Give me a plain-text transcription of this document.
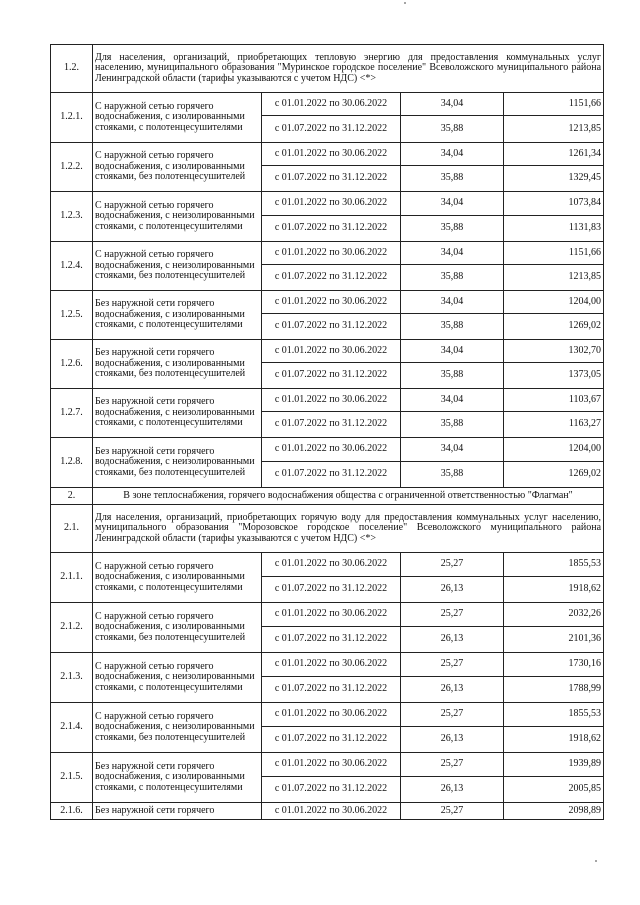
1.2.	Для населения, организаций, приобретающих тепловую энергию для предоставления коммунальных услуг населению, муниципального образования "Муринское городское поселение" Всеволожского муниципального района Ленинградской области (тарифы указываются с учетом НДС) <*>			
1.2.1.	С наружной сетью горячего водоснабжения, с изолированными стояками, с полотенцесушителями	с 01.01.2022 по 30.06.2022	34,04	1151,66
		с 01.07.2022 по 31.12.2022	35,88	1213,85
1.2.2.	С наружной сетью горячего водоснабжения, с изолированными стояками, без полотенцесушителей	с 01.01.2022 по 30.06.2022	34,04	1261,34
		с 01.07.2022 по 31.12.2022	35,88	1329,45
1.2.3.	С наружной сетью горячего водоснабжения, с неизолированными стояками, с полотенцесушителями	с 01.01.2022 по 30.06.2022	34,04	1073,84
		с 01.07.2022 по 31.12.2022	35,88	1131,83
1.2.4.	С наружной сетью горячего водоснабжения, с неизолированными стояками, без полотенцесушителей	с 01.01.2022 по 30.06.2022	34,04	1151,66
		с 01.07.2022 по 31.12.2022	35,88	1213,85
1.2.5.	Без наружной сети горячего водоснабжения, с изолированными стояками, с полотенцесушителями	с 01.01.2022 по 30.06.2022	34,04	1204,00
		с 01.07.2022 по 31.12.2022	35,88	1269,02
1.2.6.	Без наружной сети горячего водоснабжения, с изолированными стояками, без полотенцесушителей	с 01.01.2022 по 30.06.2022	34,04	1302,70
		с 01.07.2022 по 31.12.2022	35,88	1373,05
1.2.7.	Без наружной сети горячего водоснабжения, с неизолированными стояками, с полотенцесушителями	с 01.01.2022 по 30.06.2022	34,04	1103,67
		с 01.07.2022 по 31.12.2022	35,88	1163,27
1.2.8.	Без наружной сети горячего водоснабжения, с неизолированными стояками, без полотенцесушителей	с 01.01.2022 по 30.06.2022	34,04	1204,00
		с 01.07.2022 по 31.12.2022	35,88	1269,02
2.	В зоне теплоснабжения, горячего водоснабжения общества с ограниченной ответственностью "Флагман"			
2.1.	Для населения, организаций, приобретающих горячую воду для предоставления коммунальных услуг населению, муниципального образования "Морозовское городское поселение" Всеволожского муниципального района Ленинградской области (тарифы указываются с учетом НДС) <*>			
2.1.1.	С наружной сетью горячего водоснабжения, с изолированными стояками, с полотенцесушителями	с 01.01.2022 по 30.06.2022	25,27	1855,53
		с 01.07.2022 по 31.12.2022	26,13	1918,62
2.1.2.	С наружной сетью горячего водоснабжения, с изолированными стояками, без полотенцесушителей	с 01.01.2022 по 30.06.2022	25,27	2032,26
		с 01.07.2022 по 31.12.2022	26,13	2101,36
2.1.3.	С наружной сетью горячего водоснабжения, с неизолированными стояками, с полотенцесушителями	с 01.01.2022 по 30.06.2022	25,27	1730,16
		с 01.07.2022 по 31.12.2022	26,13	1788,99
2.1.4.	С наружной сетью горячего водоснабжения, с неизолированными стояками, без полотенцесушителей	с 01.01.2022 по 30.06.2022	25,27	1855,53
		с 01.07.2022 по 31.12.2022	26,13	1918,62
2.1.5.	Без наружной сети горячего водоснабжения, с изолированными стояками, с полотенцесушителями	с 01.01.2022 по 30.06.2022	25,27	1939,89
		с 01.07.2022 по 31.12.2022	26,13	2005,85
2.1.6.	Без наружной сети горячего	с 01.01.2022 по 30.06.2022	25,27	2098,89
